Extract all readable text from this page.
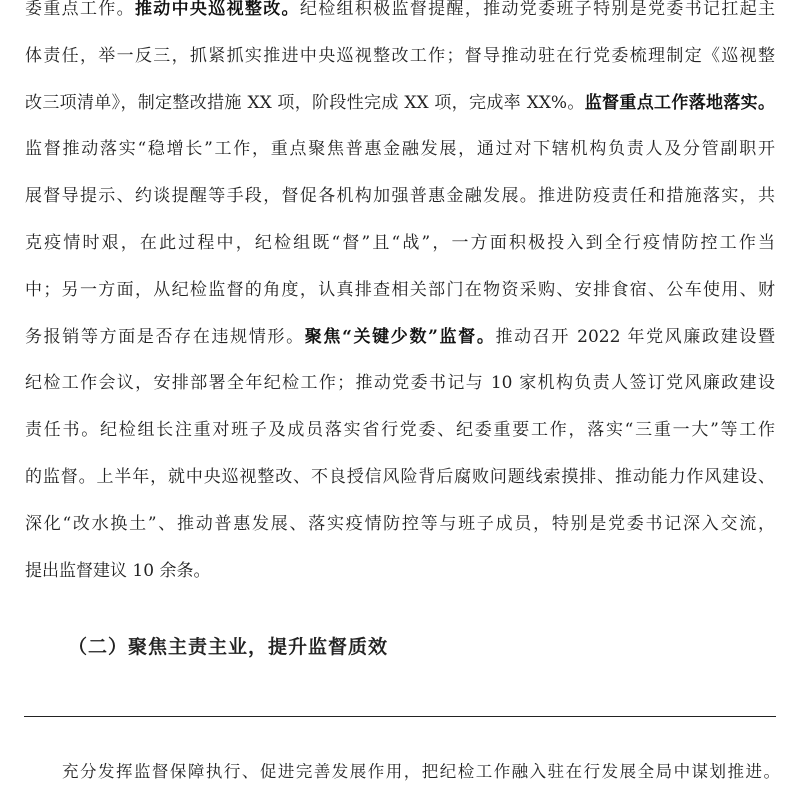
委重点工作。推动中央巡视整改。纪检组积极监督提醒，推动党委班子特别是党委书记扛起主
体责任，举一反三，抓紧抓实推进中央巡视整改工作；督导推动驻在行党委梳理制定《巡视整
改三项清单》，制定整改措施 XX 项，阶段性完成 XX 项，完成率 XX%。监督重点工作落地落实。
监督推动落实“稳增长”工作，重点聚焦普惠金融发展，通过对下辖机构负责人及分管副职开
展督导提示、约谈提醒等手段，督促各机构加强普惠金融发展。推进防疫责任和措施落实，共
克疫情时艰，在此过程中，纪检组既“督”且“战”，一方面积极投入到全行疫情防控工作当
中；另一方面，从纪检监督的角度，认真排查相关部门在物资采购、安排食宿、公车使用、财
务报销等方面是否存在违规情形。聚焦“关键少数”监督。推动召开 2022 年党风廉政建设暨
纪检工作会议，安排部署全年纪检工作；推动党委书记与 10 家机构负责人签订党风廉政建设
责任书。纪检组长注重对班子及成员落实省行党委、纪委重要工作，落实“三重一大”等工作
的监督。上半年，就中央巡视整改、不良授信风险背后腐败问题线索摸排、推动能力作风建设、
深化“改水换土”、推动普惠发展、落实疫情防控等与班子成员，特别是党委书记深入交流，
提出监督建议 10 余条。
（二）聚焦主责主业，提升监督质效
充分发挥监督保障执行、促进完善发展作用，把纪检工作融入驻在行发展全局中谋划推进。
